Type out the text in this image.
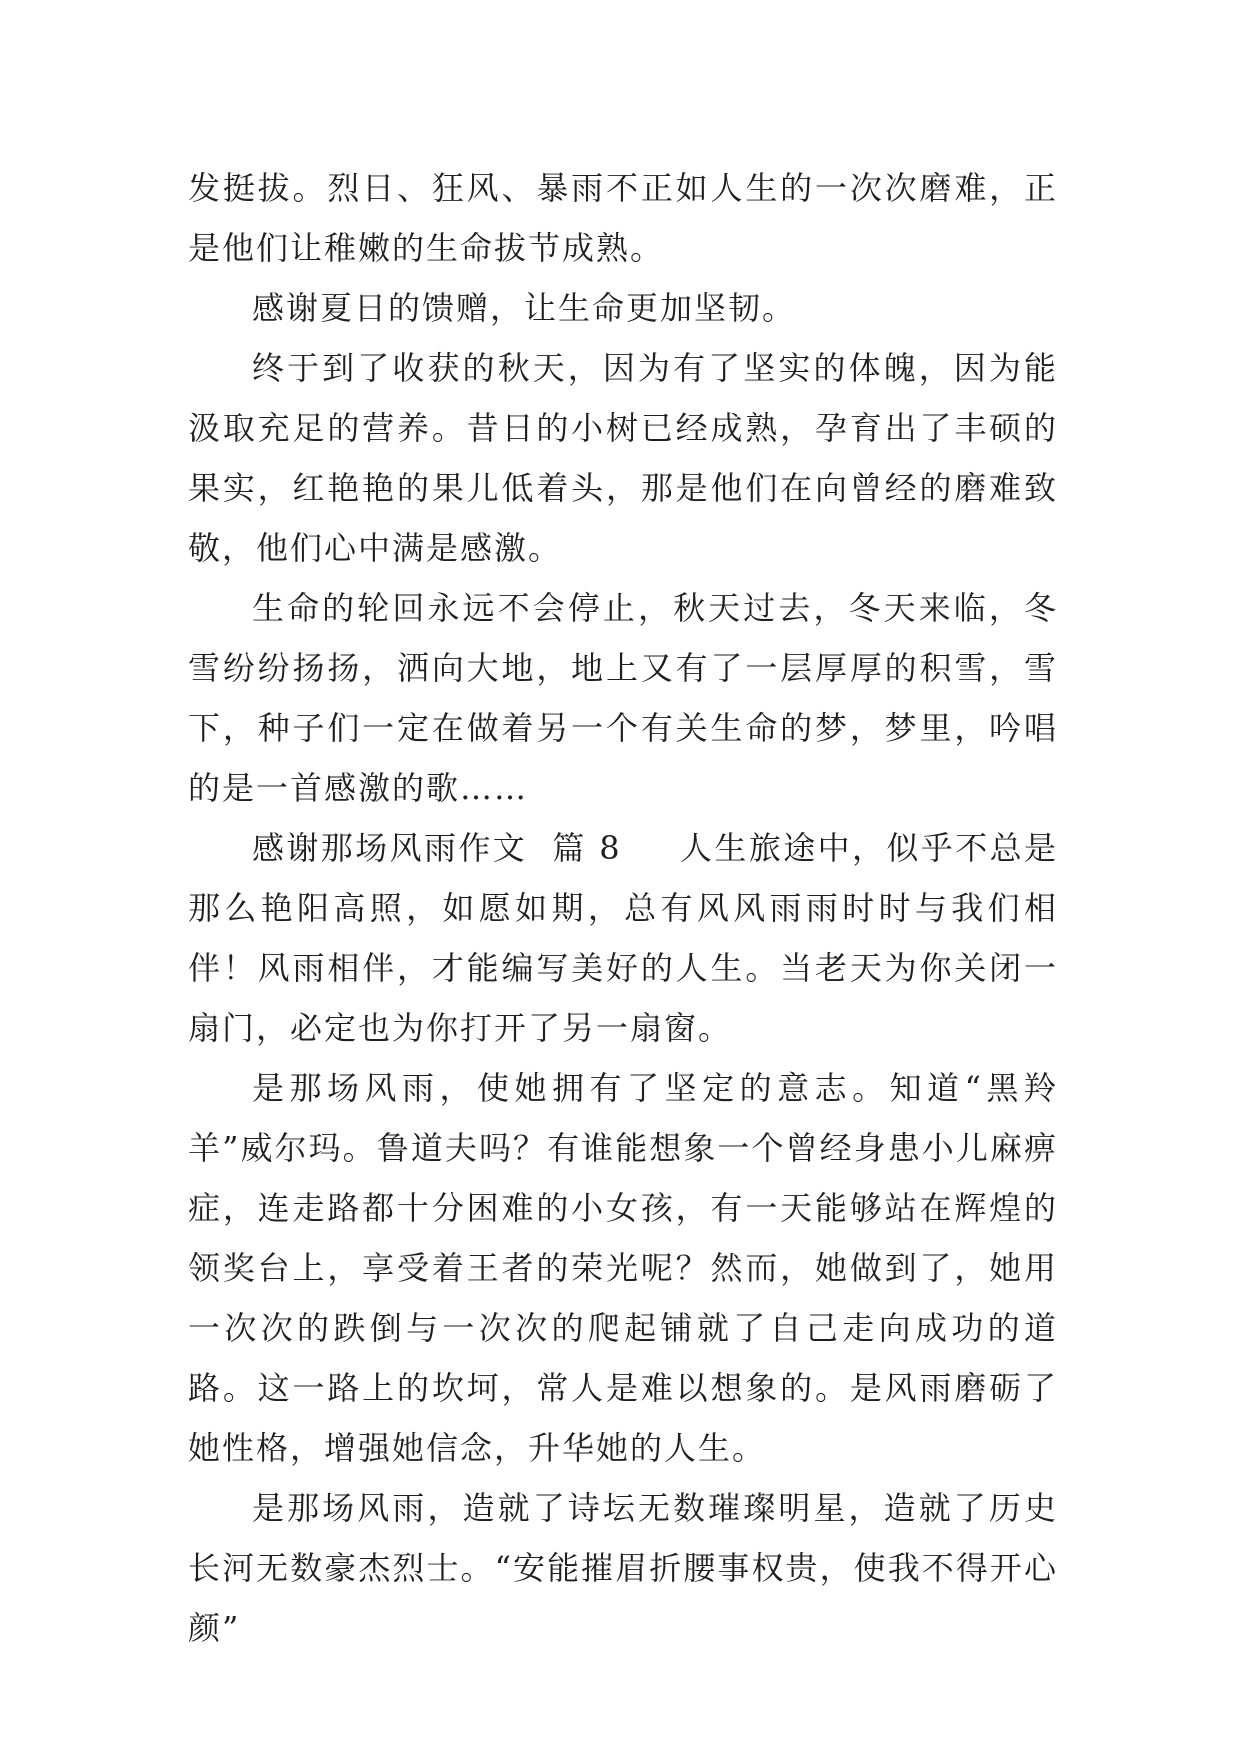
发挺拔。烈日、狂风、暴雨不正如人生的一次次磨难，正是他们让稚嫩的生命拔节成熟。

感谢夏日的馈赠，让生命更加坚韧。

终于到了收获的秋天，因为有了坚实的体魄，因为能汲取充足的营养。昔日的小树已经成熟，孕育出了丰硕的果实，红艳艳的果儿低着头，那是他们在向曾经的磨难致敬，他们心中满是感激。

生命的轮回永远不会停止，秋天过去，冬天来临，冬雪纷纷扬扬，洒向大地，地上又有了一层厚厚的积雪，雪下，种子们一定在做着另一个有关生命的梦，梦里，吟唱的是一首感激的歌……

感谢那场风雨作文 篇 8 人生旅途中，似乎不总是那么艳阳高照，如愿如期，总有风风雨雨时时与我们相伴！风雨相伴，才能编写美好的人生。当老天为你关闭一扇门，必定也为你打开了另一扇窗。

是那场风雨，使她拥有了坚定的意志。知道“黑羚羊”威尔玛。鲁道夫吗？有谁能想象一个曾经身患小儿麻痹症，连走路都十分困难的小女孩，有一天能够站在辉煌的领奖台上，享受着王者的荣光呢？然而，她做到了，她用一次次的跌倒与一次次的爬起铺就了自己走向成功的道路。这一路上的坎坷，常人是难以想象的。是风雨磨砺了她性格，增强她信念，升华她的人生。

是那场风雨，造就了诗坛无数璀璨明星，造就了历史长河无数豪杰烈士。“安能摧眉折腰事权贵，使我不得开心颜”
